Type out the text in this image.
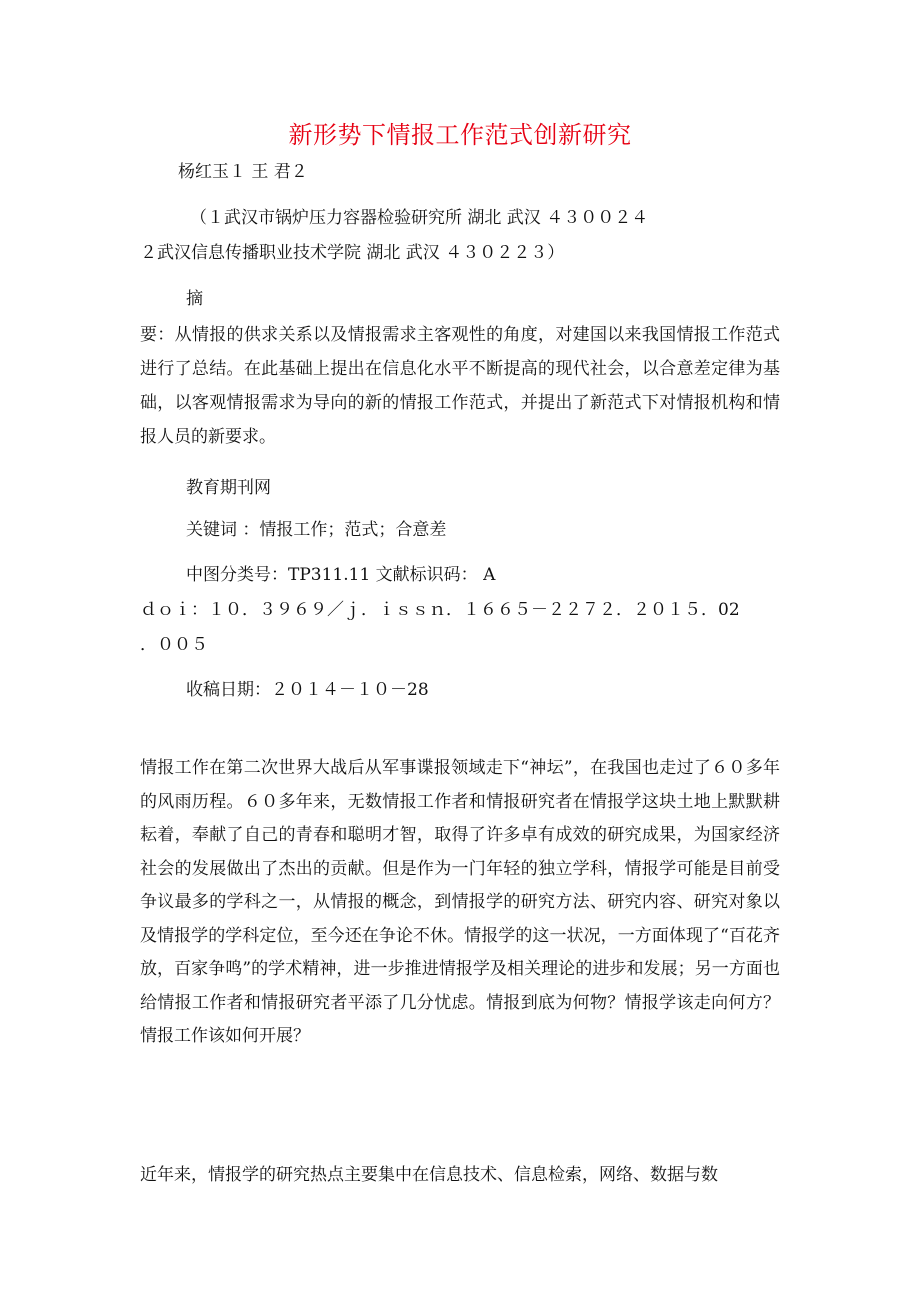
新形势下情报工作范式创新研究
杨红玉１ 王 君２
（１武汉市锅炉压力容器检验研究所 湖北 武汉 ４３００２４
２武汉信息传播职业技术学院 湖北 武汉 ４３０２２３）
摘
要：从情报的供求关系以及情报需求主客观性的角度，对建国以来我国情报工作范式进行了总结。在此基础上提出在信息化水平不断提高的现代社会，以合意差定律为基础，以客观情报需求为导向的新的情报工作范式，并提出了新范式下对情报机构和情报人员的新要求。
教育期刊网
关键词 ：情报工作；范式；合意差
中图分类号：TP311.11 文献标识码： A
ｄｏｉ：１０．３９６９／ｊ．ｉｓｓｎ．１６６５－２２７２．２０１５．02
．００５
收稿日期：２０１４－１０－28
情报工作在第二次世界大战后从军事谍报领域走下“神坛”，在我国也走过了６０多年的风雨历程。６０多年来，无数情报工作者和情报研究者在情报学这块土地上默默耕耘着，奉献了自己的青春和聪明才智，取得了许多卓有成效的研究成果，为国家经济社会的发展做出了杰出的贡献。但是作为一门年轻的独立学科，情报学可能是目前受争议最多的学科之一，从情报的概念，到情报学的研究方法、研究内容、研究对象以及情报学的学科定位，至今还在争论不休。情报学的这一状况，一方面体现了“百花齐放，百家争鸣”的学术精神，进一步推进情报学及相关理论的进步和发展；另一方面也给情报工作者和情报研究者平添了几分忧虑。情报到底为何物？情报学该走向何方？情报工作该如何开展？
近年来，情报学的研究热点主要集中在信息技术、信息检索，网络、数据与数
